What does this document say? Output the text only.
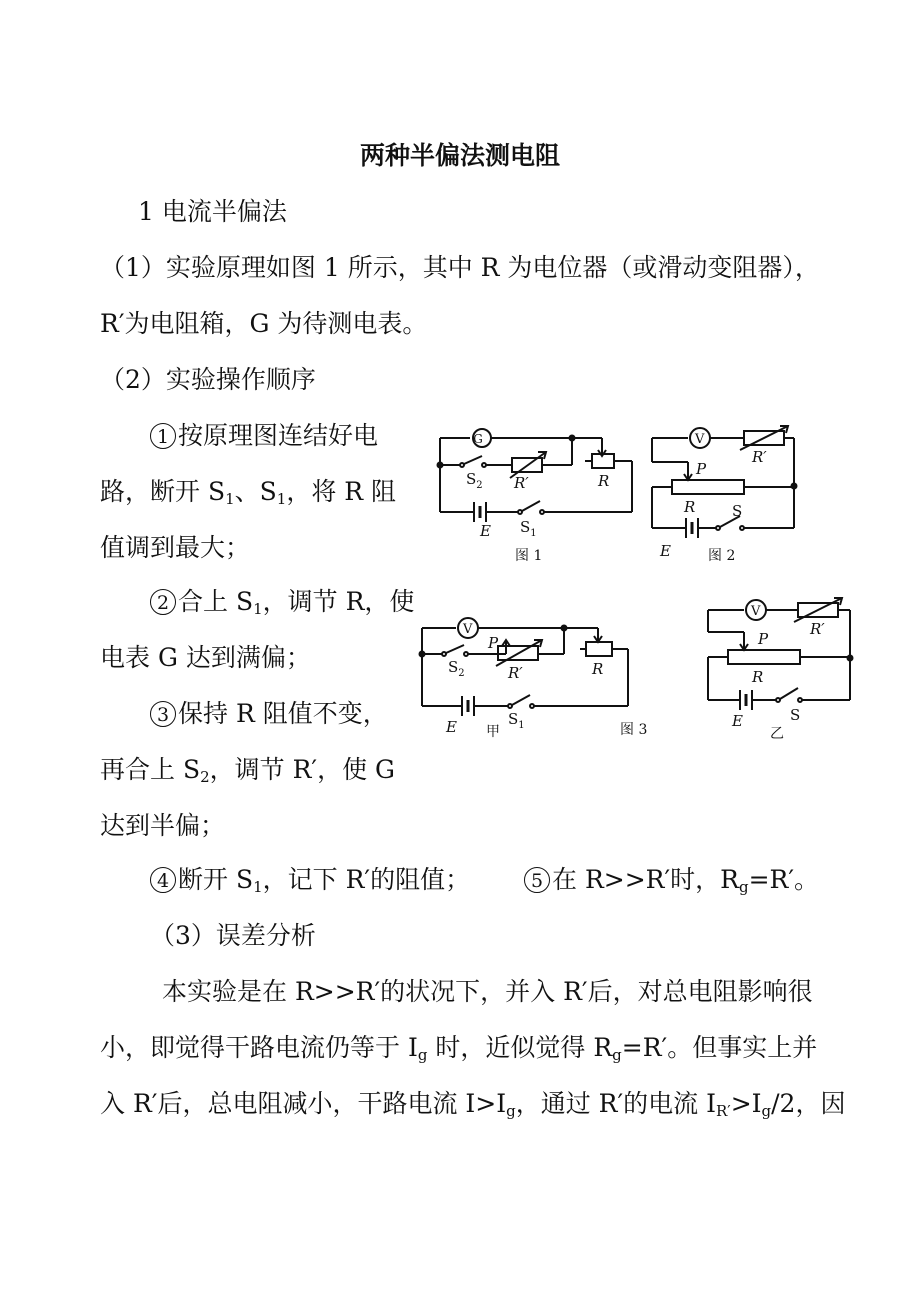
两种半偏法测电阻
1 电流半偏法
（1）实验原理如图 1 所示，其中 R 为电位器（或滑动变阻器），
R′为电阻箱，G 为待测电表。
（2）实验操作顺序
1 按原理图连结好电
路，断开 $S_1$、$S_1$，将 R 阻
值调到最大；
2 合上 $S_1$，调节 R，使
电表 G 达到满偏；
3 保持 R 阻值不变，
再合上 $S_2$，调节 R′，使 G
达到半偏；
4 断开 $S_1$，记下 R′的阻值；	5 在 R>>R′时，$R_g=R'$。
（3）误差分析
本实验是在 R>>R′的状况下，并入 R′后，对总电阻影响很
小，即觉得干路电流仍等于 $I_g$ 时，近似觉得 $R_g=R'$。但事实上并
入 R′后，总电阻减小，干路电流 $I>I_g$，通过 R′的电流 $I_{R'}>I_g/2$，因
G
R
R′
$S_2$
$S_1$
E
图 1
V
R′
P
R S
E	图 2
V
P
R′	R
$S_2$
$S_1$
E 甲	图 3
V
R′
P
R
S
E
乙
